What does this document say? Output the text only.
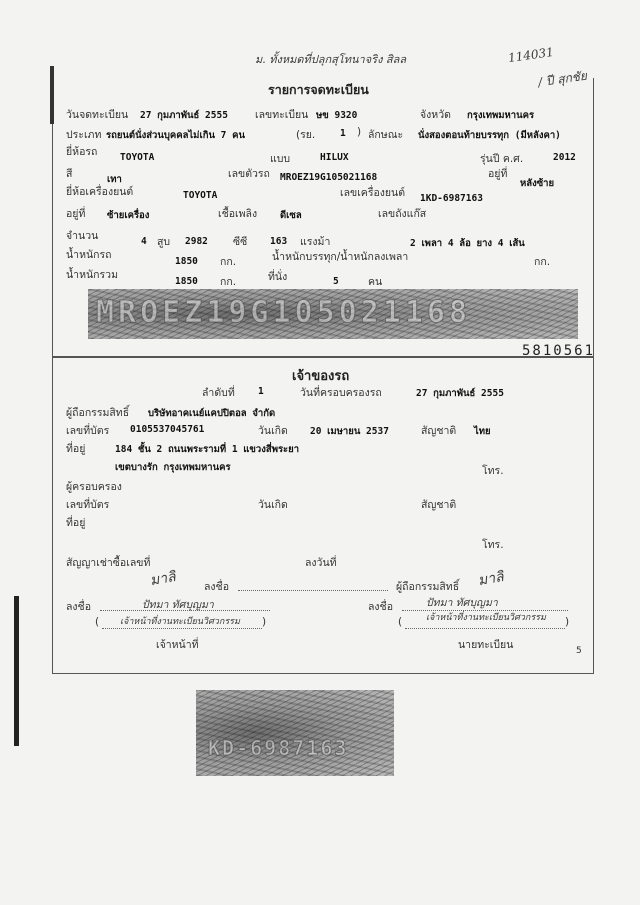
ม. ทั้งหมดที่ปลุกสุโทนาจริง สิลล	114031
/ ปี สุกชัย
รายการจดทะเบียน
วันจดทะเบียน 27 กุมภาพันธ์ 2555	เลขทะเบียน ษข 9320	จังหวัด กรุงเทพมหานคร
ประเภท รถยนต์นั่งส่วนบุคคลไม่เกิน 7 คน	(รย.	1 ) ลักษณะ นั่งสองตอนท้ายบรรทุก (มีหลังคา)
ยี่ห้อรถ TOYOTA	แบบ	HILUX	รุ่นปี ค.ศ.	2012
สี	เทา	เลขตัวรถ MROEZ19G105021168	อยู่ที่
หลังซ้าย
ยี่ห้อเครื่องยนต์	TOYOTA	เลขเครื่องยนต์ 1KD-6987163
อยู่ที่ ซ้ายเครื่อง	เชื้อเพลิง ดีเซล	เลขถังแก๊ส
จำนวน	4 สูบ 2982 ซีซี 163 แรงม้า	2 เพลา 4 ล้อ ยาง 4 เส้น
น้ำหนักรถ
1850 กก.	น้ำหนักบรรทุก/น้ำหนักลงเพลา	กก.
น้ำหนักรวม
1850 กก.	ที่นั่ง	5	คน
MROEZ19G105021168
5810561
เจ้าของรถ
ลำดับที่ 1	วันที่ครอบครองรถ	27 กุมภาพันธ์ 2555
ผู้ถือกรรมสิทธิ์ บริษัทอาคเนย์แคปปิตอล จำกัด
เลขที่บัตร 0105537045761	วันเกิด 20 เมษายน 2537	สัญชาติ ไทย
ที่อยู่	184 ชั้น 2 ถนนพระรามที่ 1 แขวงสี่พระยา
เขตบางรัก กรุงเทพมหานคร	โทร.
ผู้ครอบครอง
เลขที่บัตร	วันเกิด	สัญชาติ
ที่อยู่
โทร.
สัญญาเช่าซื้อเลขที่	ลงวันที่
มาลิ	ลงชื่อ	ผู้ถือกรรมสิทธิ์ มาลิ
ลงชื่อ	ปัทมา ทัศบุญมา	ลงชื่อ	ปัทมา ทัศบุญมา
( เจ้าหน้าที่งานทะเบียนวิศวกรรม )	(	เจ้าหน้าที่งานทะเบียนวิศวกรรม )
เจ้าหน้าที่	นายทะเบียน	5
KD-6987163
